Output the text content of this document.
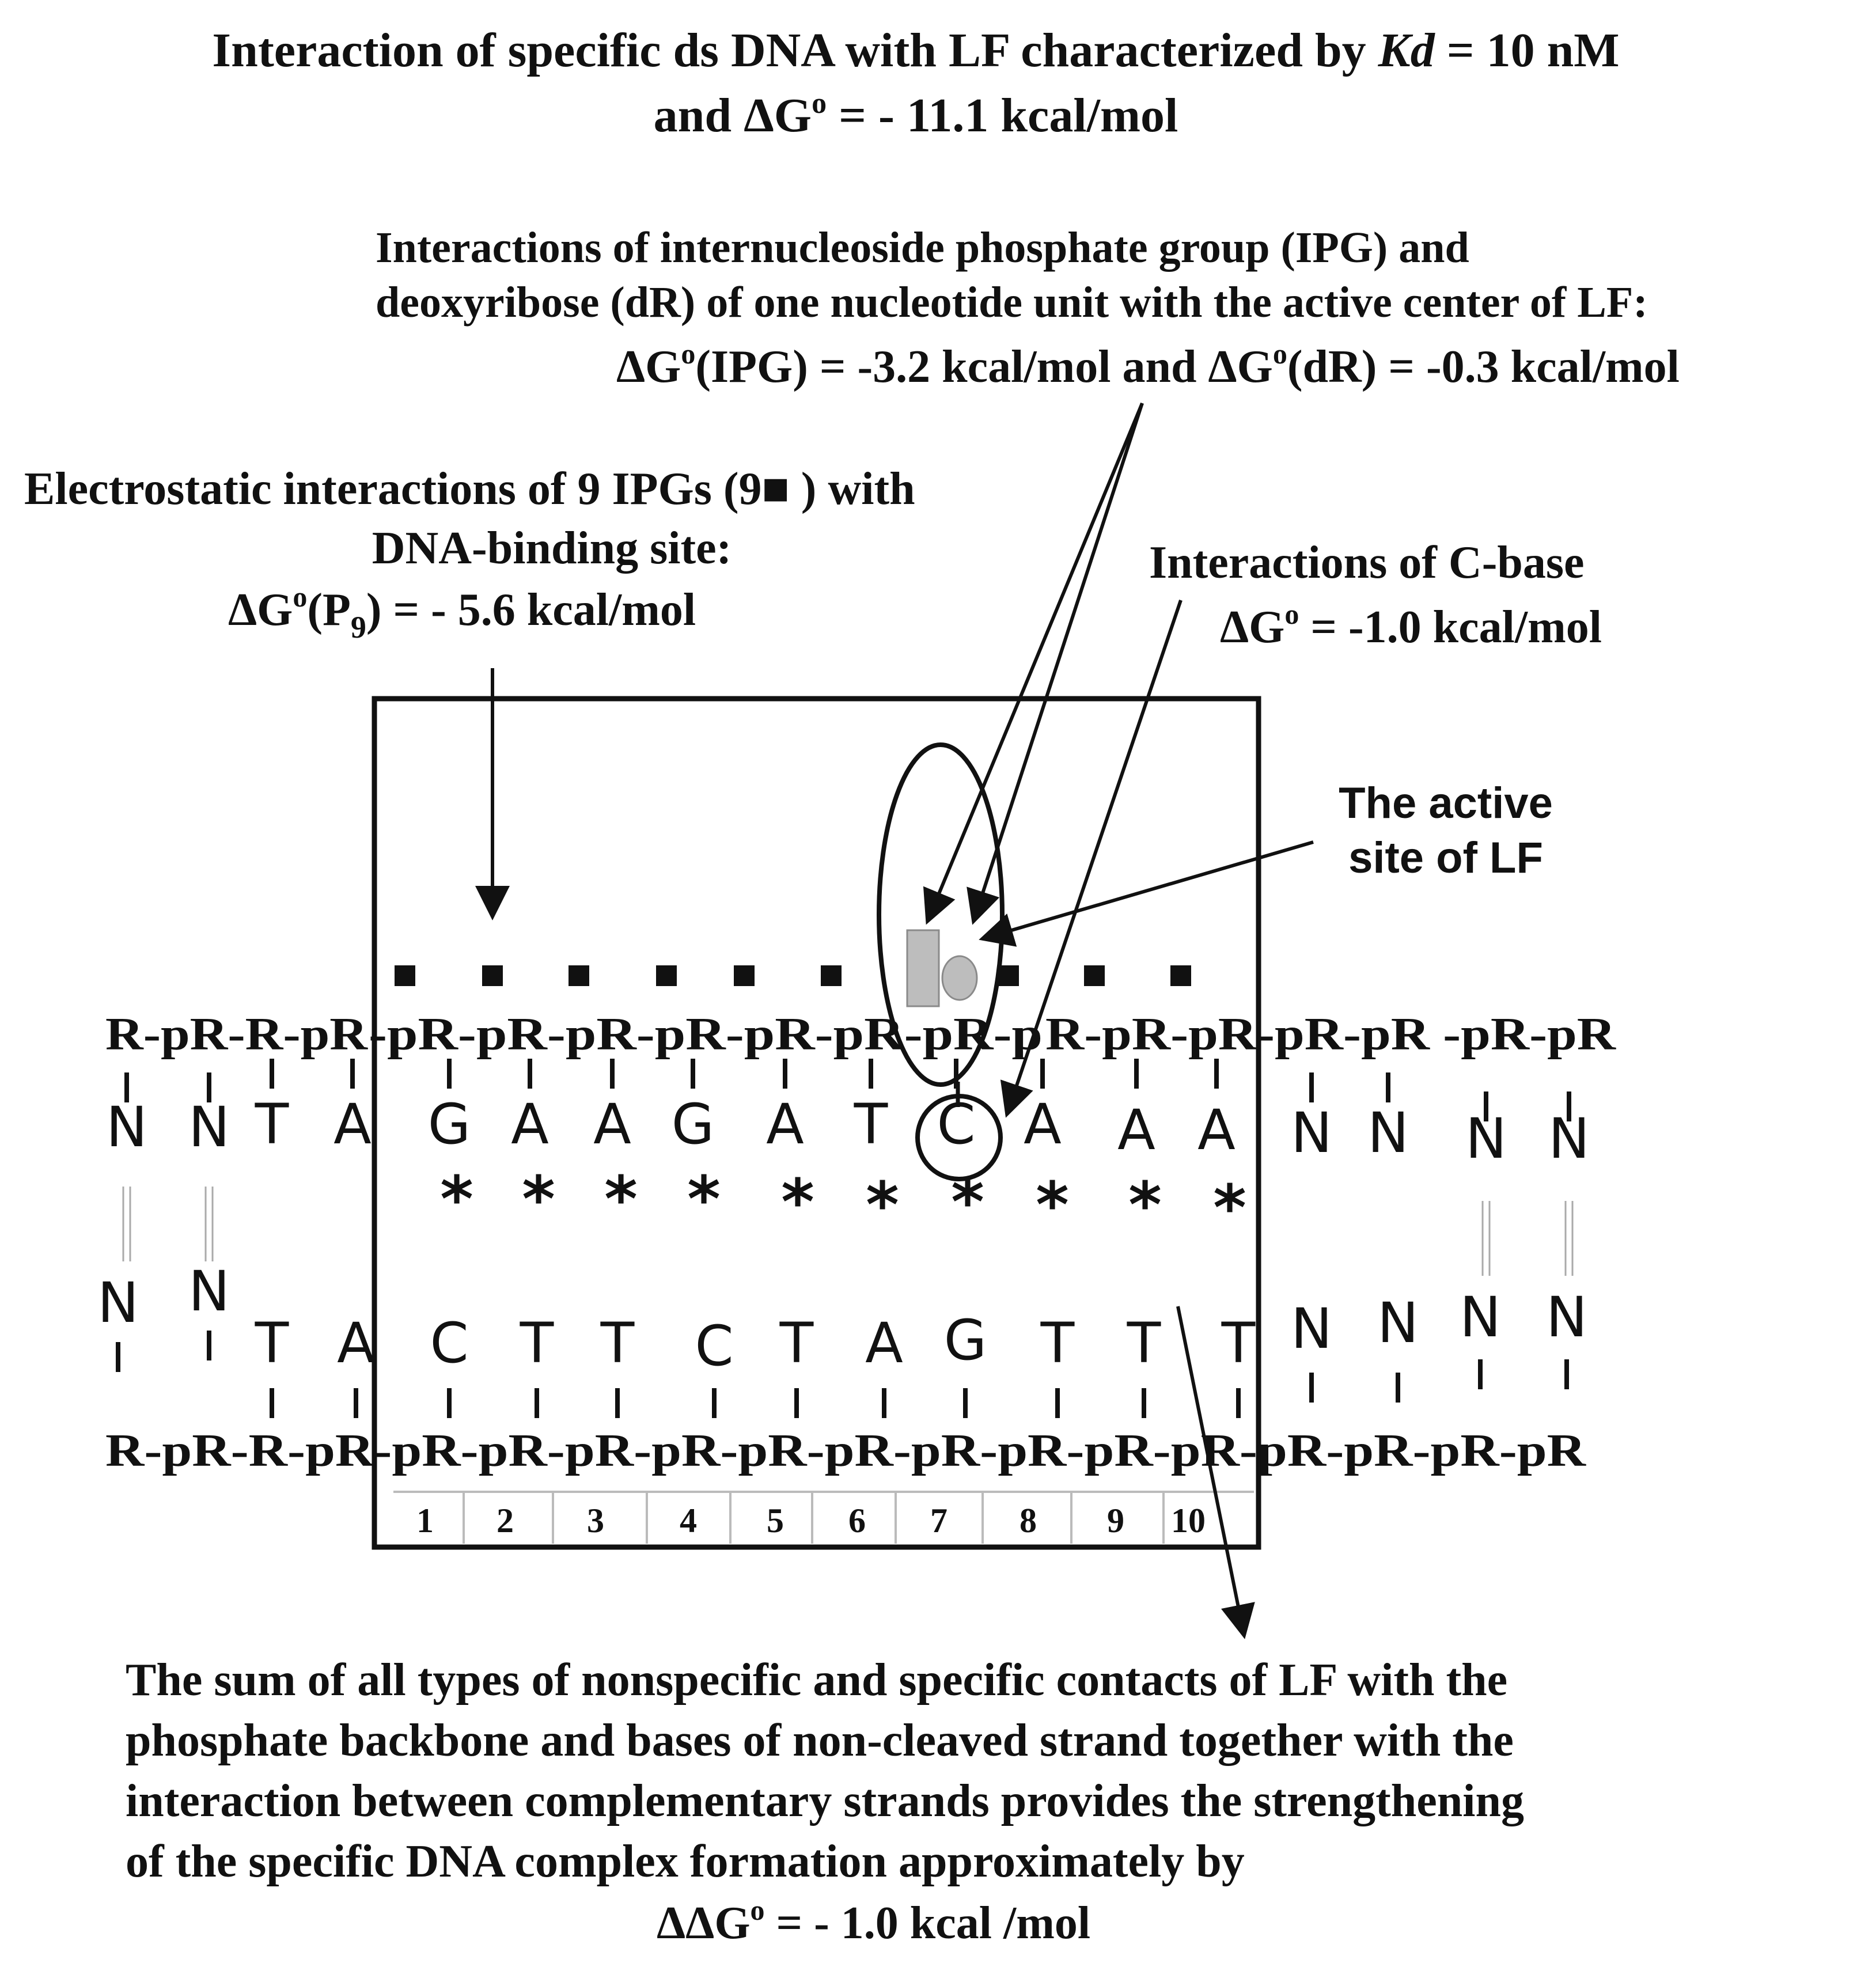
Interaction of specific ds DNA with LF characterized by Kd = 10 nM
and $\Delta G^o$ = - 11.1 kcal/mol
Interactions of internucleoside phosphate group (IPG) and
deoxyribose (dR) of one nucleotide unit with the active center of LF:
$\Delta G^o(IPG) = -3.2$ kcal/mol and $\Delta G^o(dR) = -0.3$ kcal/mol
Electrostatic interactions of 9 IPGs (9■ ) with
DNA-binding site:
$\Delta G^o(P_9)$ = - 5.6 kcal/mol
Interactions of C-base
$\Delta G^o = -1.0$ kcal/mol
The active
site of LF
1 2 3 4 5 6 7 8 9 10
R-pR-R-pR -pR-pR-pR-pR-pR-pR-pR-p R-pR-pR-pR-pR -pR-pR
R-pR-R-pR-pR-pR-pR-pR-pR-pR-pR-pR-pR-pR-pR-pR-pR-pR
N N T A G A A G A T C A A A N N N N
* * * * * * * * * *
N N
T A C T T C T A G T T T N N N N
The sum of all types of nonspecific and specific contacts of LF with the
phosphate backbone and bases of non-cleaved strand together with the
interaction between complementary strands provides the strengthening
of the specific DNA complex formation approximately by
$\Delta\Delta G^o$ = - 1.0 kcal /mol
